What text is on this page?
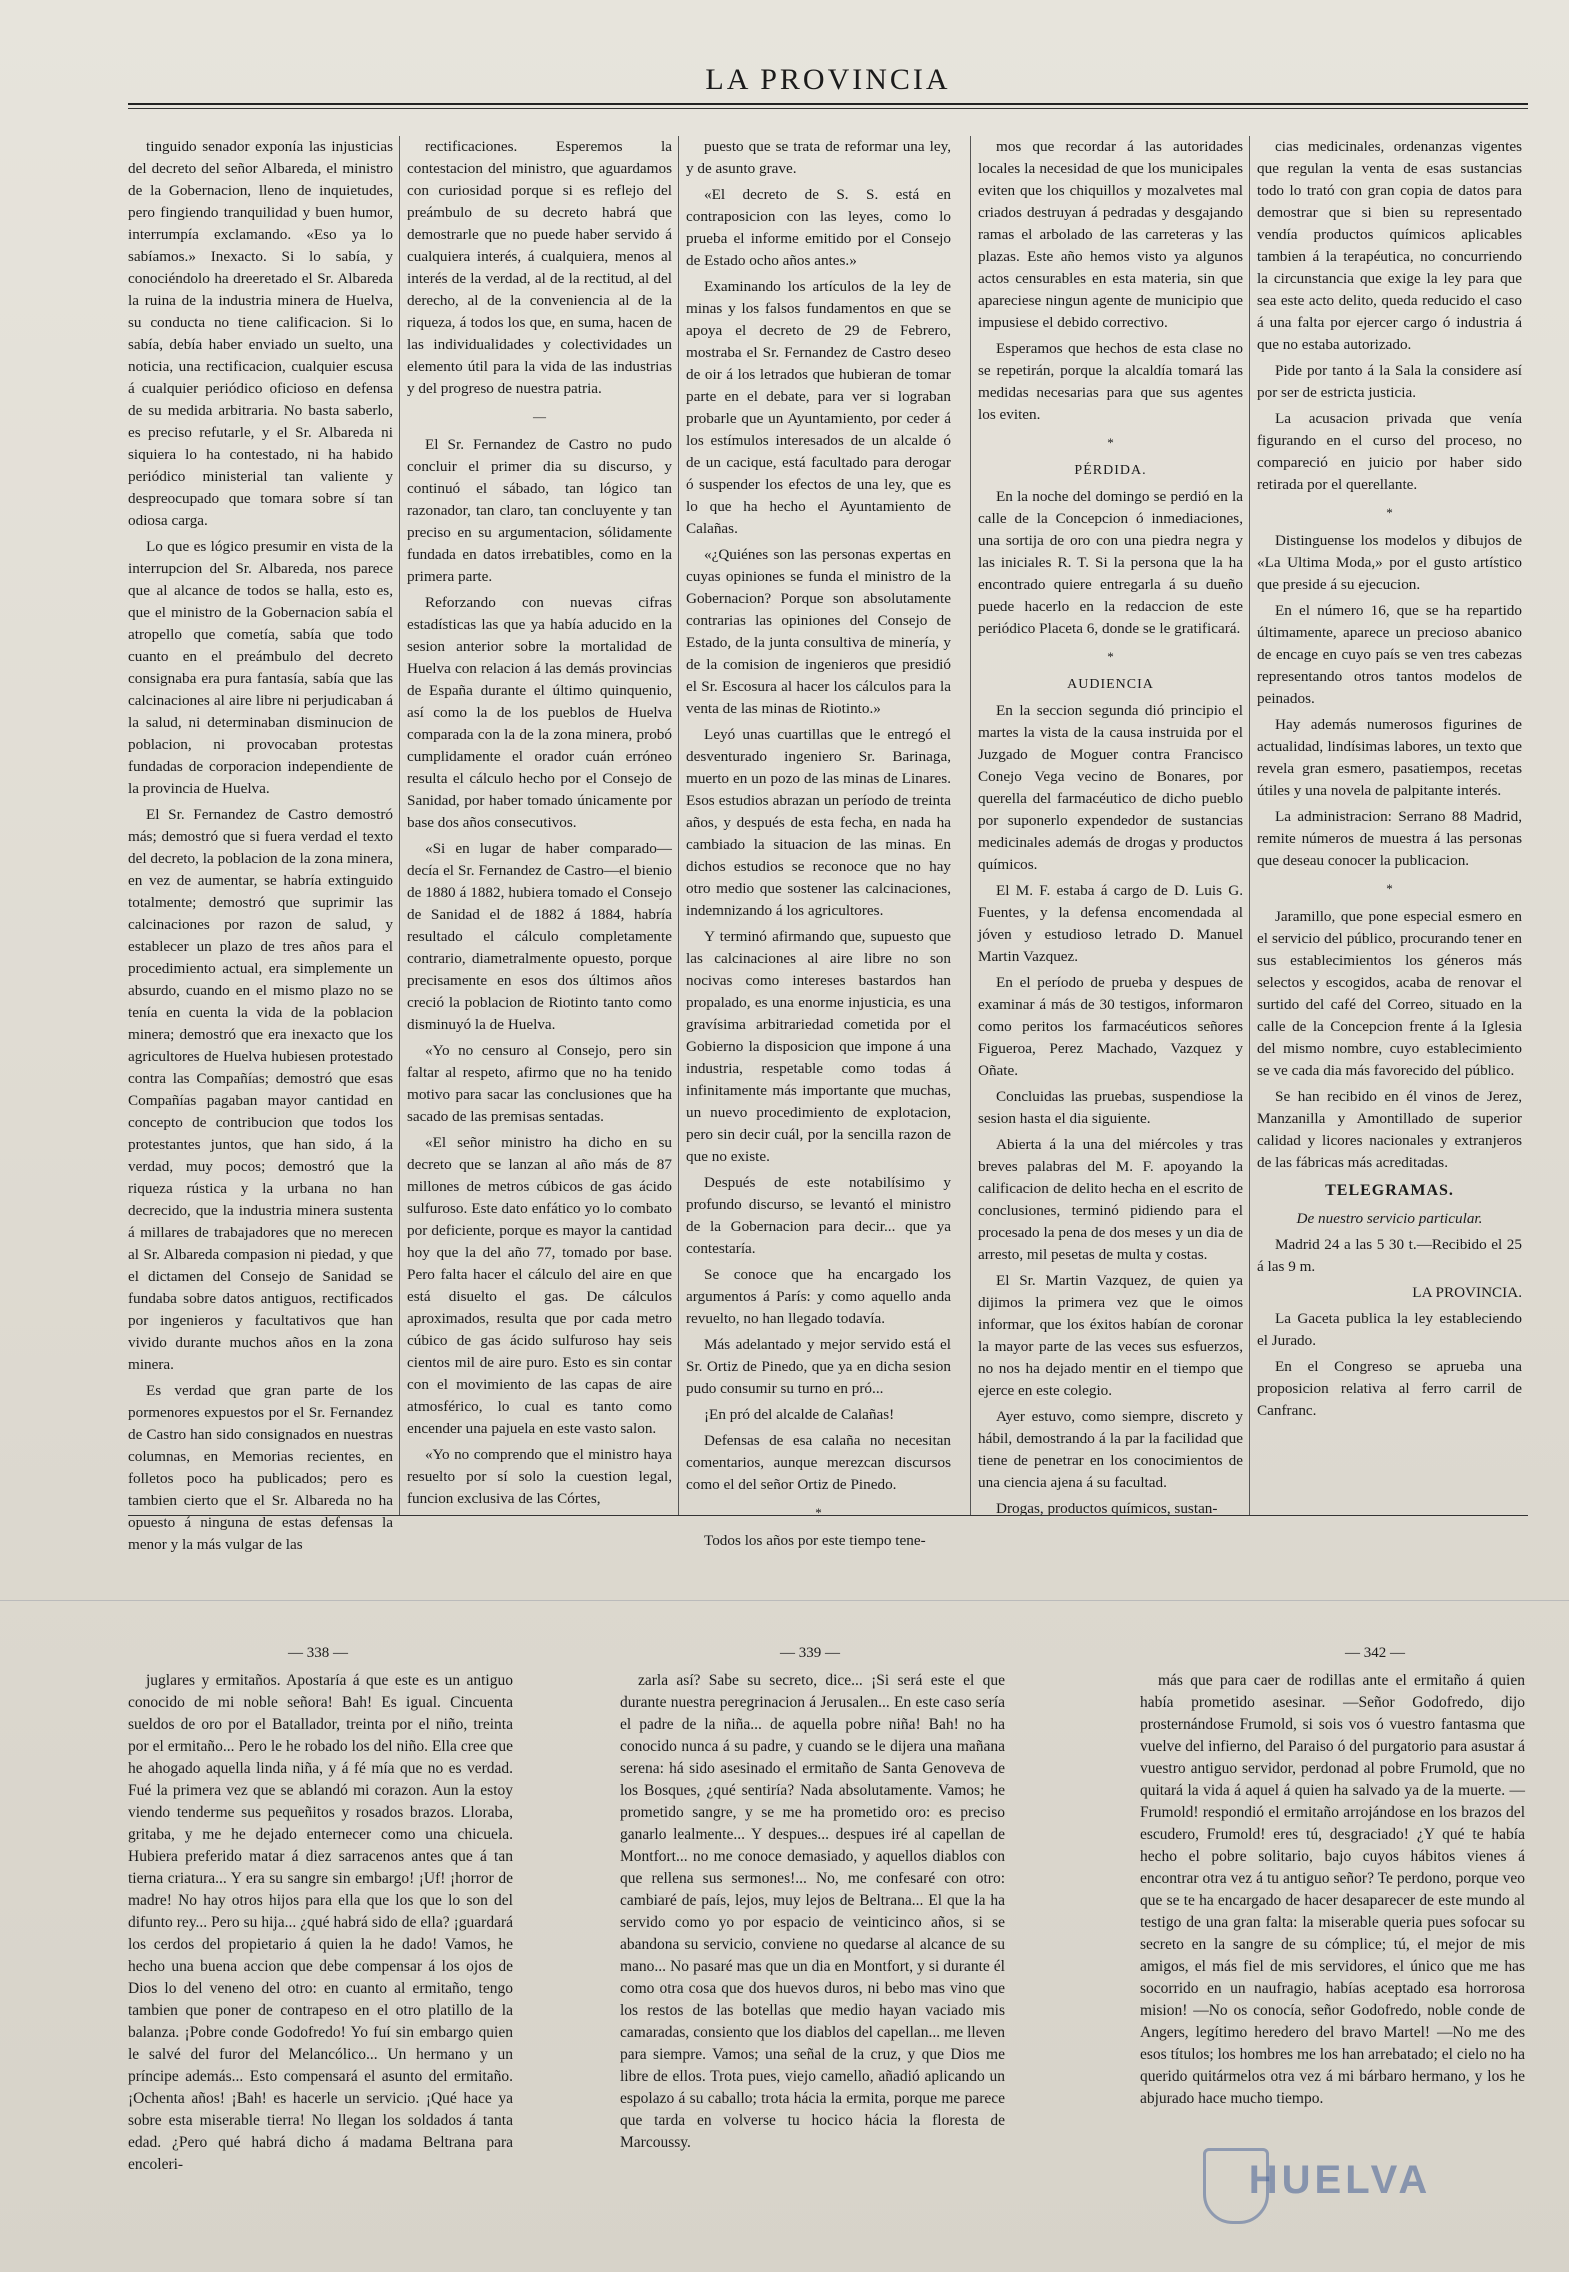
LA PROVINCIA

tinguido senador exponía las injusticias del decreto del señor Albareda, el ministro de la Gobernacion, lleno de inquietudes, pero fingiendo tranquilidad y buen humor, interrumpía exclamando. «Eso ya lo sabíamos.» Inexacto. Si lo sabía, y conociéndolo ha dreeretado el Sr. Albareda la ruina de la industria minera de Huelva, su conducta no tiene calificacion. Si lo sabía, debía haber enviado un suelto, una noticia, una rectificacion, cualquier escusa á cualquier periódico oficioso en defensa de su medida arbitraria. No basta saberlo, es preciso refutarle, y el Sr. Albareda ni siquiera lo ha contestado, ni ha habido periódico ministerial tan valiente y despreocupado que tomara sobre sí tan odiosa carga.

Lo que es lógico presumir en vista de la interrupcion del Sr. Albareda, nos parece que al alcance de todos se halla, esto es, que el ministro de la Gobernacion sabía el atropello que cometía, sabía que todo cuanto en el preámbulo del decreto consignaba era pura fantasía, sabía que las calcinaciones al aire libre ni perjudicaban á la salud, ni determinaban disminucion de poblacion, ni provocaban protestas fundadas de corporacion independiente de la provincia de Huelva.

El Sr. Fernandez de Castro demostró más; demostró que si fuera verdad el texto del decreto, la poblacion de la zona minera, en vez de aumentar, se habría extinguido totalmente; demostró que suprimir las calcinaciones por razon de salud, y establecer un plazo de tres años para el procedimiento actual, era simplemente un absurdo, cuando en el mismo plazo no se tenía en cuenta la vida de la poblacion minera; demostró que era inexacto que los agricultores de Huelva hubiesen protestado contra las Compañías; demostró que esas Compañías pagaban mayor cantidad en concepto de contribucion que todos los protestantes juntos, que han sido, á la verdad, muy pocos; demostró que la riqueza rústica y la urbana no han decrecido, que la industria minera sustenta á millares de trabajadores que no merecen al Sr. Albareda compasion ni piedad, y que el dictamen del Consejo de Sanidad se fundaba sobre datos antiguos, rectificados por ingenieros y facultativos que han vivido durante muchos años en la zona minera.

Es verdad que gran parte de los pormenores expuestos por el Sr. Fernandez de Castro han sido consignados en nuestras columnas, en Memorias recientes, en folletos poco ha publicados; pero es tambien cierto que el Sr. Albareda no ha opuesto á ninguna de estas defensas la menor y la más vulgar de las

rectificaciones. Esperemos la contestacion del ministro, que aguardamos con curiosidad porque si es reflejo del preámbulo de su decreto habrá que demostrarle que no puede haber servido á cualquiera interés, á cualquiera, menos al interés de la verdad, al de la rectitud, al del derecho, al de la conveniencia al de la riqueza, á todos los que, en suma, hacen de las individualidades y colectividades un elemento útil para la vida de las industrias y del progreso de nuestra patria.

—

El Sr. Fernandez de Castro no pudo concluir el primer dia su discurso, y continuó el sábado, tan lógico tan razonador, tan claro, tan concluyente y tan preciso en su argumentacion, sólidamente fundada en datos irrebatibles, como en la primera parte.

Reforzando con nuevas cifras estadísticas las que ya había aducido en la sesion anterior sobre la mortalidad de Huelva con relacion á las demás provincias de España durante el último quinquenio, así como la de los pueblos de Huelva comparada con la de la zona minera, probó cumplidamente el orador cuán erróneo resulta el cálculo hecho por el Consejo de Sanidad, por haber tomado únicamente por base dos años consecutivos.

«Si en lugar de haber comparado—decía el Sr. Fernandez de Castro—el bienio de 1880 á 1882, hubiera tomado el Consejo de Sanidad el de 1882 á 1884, habría resultado el cálculo completamente contrario, diametralmente opuesto, porque precisamente en esos dos últimos años creció la poblacion de Riotinto tanto como disminuyó la de Huelva.

«Yo no censuro al Consejo, pero sin faltar al respeto, afirmo que no ha tenido motivo para sacar las conclusiones que ha sacado de las premisas sentadas.

«El señor ministro ha dicho en su decreto que se lanzan al año más de 87 millones de metros cúbicos de gas ácido sulfuroso. Este dato enfático yo lo combato por deficiente, porque es mayor la cantidad hoy que la del año 77, tomado por base. Pero falta hacer el cálculo del aire en que está disuelto el gas. De cálculos aproximados, resulta que por cada metro cúbico de gas ácido sulfuroso hay seis cientos mil de aire puro. Esto es sin contar con el movimiento de las capas de aire atmosférico, lo cual es tanto como encender una pajuela en este vasto salon.

«Yo no comprendo que el ministro haya resuelto por sí solo la cuestion legal, funcion exclusiva de las Córtes,

puesto que se trata de reformar una ley, y de asunto grave.

«El decreto de S. S. está en contraposicion con las leyes, como lo prueba el informe emitido por el Consejo de Estado ocho años antes.»

Examinando los artículos de la ley de minas y los falsos fundamentos en que se apoya el decreto de 29 de Febrero, mostraba el Sr. Fernandez de Castro deseo de oir á los letrados que hubieran de tomar parte en el debate, para ver si lograban probarle que un Ayuntamiento, por ceder á los estímulos interesados de un alcalde ó de un cacique, está facultado para derogar ó suspender los efectos de una ley, que es lo que ha hecho el Ayuntamiento de Calañas.

«¿Quiénes son las personas expertas en cuyas opiniones se funda el ministro de la Gobernacion? Porque son absolutamente contrarias las opiniones del Consejo de Estado, de la junta consultiva de minería, y de la comision de ingenieros que presidió el Sr. Escosura al hacer los cálculos para la venta de las minas de Riotinto.»

Leyó unas cuartillas que le entregó el desventurado ingeniero Sr. Barinaga, muerto en un pozo de las minas de Linares. Esos estudios abrazan un período de treinta años, y después de esta fecha, en nada ha cambiado la situacion de las minas. En dichos estudios se reconoce que no hay otro medio que sostener las calcinaciones, indemnizando á los agricultores.

Y terminó afirmando que, supuesto que las calcinaciones al aire libre no son nocivas como intereses bastardos han propalado, es una enorme injusticia, es una gravísima arbitrariedad cometida por el Gobierno la disposicion que impone á una industria, respetable como todas á infinitamente más importante que muchas, un nuevo procedimiento de explotacion, pero sin decir cuál, por la sencilla razon de que no existe.

Después de este notabilísimo y profundo discurso, se levantó el ministro de la Gobernacion para decir... que ya contestaría.

Se conoce que ha encargado los argumentos á París: y como aquello anda revuelto, no han llegado todavía.

Más adelantado y mejor servido está el Sr. Ortiz de Pinedo, que ya en dicha sesion pudo consumir su turno en pró...

¡En pró del alcalde de Calañas!

Defensas de esa calaña no necesitan comentarios, aunque merezcan discursos como el del señor Ortiz de Pinedo.

*

Todos los años por este tiempo tene-

mos que recordar á las autoridades locales la necesidad de que los municipales eviten que los chiquillos y mozalvetes mal criados destruyan á pedradas y desgajando ramas el arbolado de las carreteras y las plazas. Este año hemos visto ya algunos actos censurables en esta materia, sin que apareciese ningun agente de municipio que impusiese el debido correctivo.

Esperamos que hechos de esta clase no se repetirán, porque la alcaldía tomará las medidas necesarias para que sus agentes los eviten.

*
PÉRDIDA.

En la noche del domingo se perdió en la calle de la Concepcion ó inmediaciones, una sortija de oro con una piedra negra y las iniciales R. T. Si la persona que la ha encontrado quiere entregarla á su dueño puede hacerlo en la redaccion de este periódico Placeta 6, donde se le gratificará.

*
AUDIENCIA

En la seccion segunda dió principio el martes la vista de la causa instruida por el Juzgado de Moguer contra Francisco Conejo Vega vecino de Bonares, por querella del farmacéutico de dicho pueblo por suponerlo expendedor de sustancias medicinales además de drogas y productos químicos.

El M. F. estaba á cargo de D. Luis G. Fuentes, y la defensa encomendada al jóven y estudioso letrado D. Manuel Martin Vazquez.

En el período de prueba y despues de examinar á más de 30 testigos, informaron como peritos los farmacéuticos señores Figueroa, Perez Machado, Vazquez y Oñate.

Concluidas las pruebas, suspendiose la sesion hasta el dia siguiente.

Abierta á la una del miércoles y tras breves palabras del M. F. apoyando la calificacion de delito hecha en el escrito de conclusiones, terminó pidiendo para el procesado la pena de dos meses y un dia de arresto, mil pesetas de multa y costas.

El Sr. Martin Vazquez, de quien ya dijimos la primera vez que le oimos informar, que los éxitos habían de coronar la mayor parte de las veces sus esfuerzos, no nos ha dejado mentir en el tiempo que ejerce en este colegio.

Ayer estuvo, como siempre, discreto y hábil, demostrando á la par la facilidad que tiene de penetrar en los conocimientos de una ciencia ajena á su facultad.

Drogas, productos químicos, sustan-

cias medicinales, ordenanzas vigentes que regulan la venta de esas sustancias todo lo trató con gran copia de datos para demostrar que si bien su representado vendía productos químicos aplicables tambien á la terapéutica, no concurriendo la circunstancia que exige la ley para que sea este acto delito, queda reducido el caso á una falta por ejercer cargo ó industria á que no estaba autorizado.

Pide por tanto á la Sala la considere así por ser de estricta justicia.

La acusacion privada que venía figurando en el curso del proceso, no compareció en juicio por haber sido retirada por el querellante.

*

Distinguense los modelos y dibujos de «La Ultima Moda,» por el gusto artístico que preside á su ejecucion.

En el número 16, que se ha repartido últimamente, aparece un precioso abanico de encage en cuyo país se ven tres cabezas representando otros tantos modelos de peinados.

Hay además numerosos figurines de actualidad, lindísimas labores, un texto que revela gran esmero, pasatiempos, recetas útiles y una novela de palpitante interés.

La administracion: Serrano 88 Madrid, remite números de muestra á las personas que deseau conocer la publicacion.

*

Jaramillo, que pone especial esmero en el servicio del público, procurando tener en sus establecimientos los géneros más selectos y escogidos, acaba de renovar el surtido del café del Correo, situado en la calle de la Concepcion frente á la Iglesia del mismo nombre, cuyo establecimiento se ve cada dia más favorecido del público.

Se han recibido en él vinos de Jerez, Manzanilla y Amontillado de superior calidad y licores nacionales y extranjeros de las fábricas más acreditadas.

TELEGRAMAS.

De nuestro servicio particular.

Madrid 24 a las 5 30 t.—Recibido el 25 á las 9 m.

LA PROVINCIA.

La Gaceta publica la ley estableciendo el Jurado.

En el Congreso se aprueba una proposicion relativa al ferro carril de Canfranc.

— 338 —	— 339 —	— 342 —

juglares y ermitaños. Apostaría á que este es un antiguo conocido de mi noble señora! Bah! Es igual. Cincuenta sueldos de oro por el Batallador, treinta por el niño, treinta por el ermitaño... Pero le he robado los del niño. Ella cree que he ahogado aquella linda niña, y á fé mía que no es verdad. Fué la primera vez que se ablandó mi corazon. Aun la estoy viendo tenderme sus pequeñitos y rosados brazos. Lloraba, gritaba, y me he dejado enternecer como una chicuela. Hubiera preferido matar á diez sarracenos antes que á tan tierna criatura... Y era su sangre sin embargo! ¡Uf! ¡horror de madre! No hay otros hijos para ella que los que lo son del difunto rey... Pero su hija... ¿qué habrá sido de ella? ¡guardará los cerdos del propietario á quien la he dado! Vamos, he hecho una buena accion que debe compensar á los ojos de Dios lo del veneno del otro: en cuanto al ermitaño, tengo tambien que poner de contrapeso en el otro platillo de la balanza. ¡Pobre conde Godofredo! Yo fuí sin embargo quien le salvé del furor del Melancólico... Un hermano y un príncipe además... Esto compensará el asunto del ermitaño. ¡Ochenta años! ¡Bah! es hacerle un servicio. ¡Qué hace ya sobre esta miserable tierra! No llegan los soldados á tanta edad. ¿Pero qué habrá dicho á madama Beltrana para encoleri-

zarla así? Sabe su secreto, dice... ¡Si será este el que durante nuestra peregrinacion á Jerusalen... En este caso sería el padre de la niña... de aquella pobre niña! Bah! no ha conocido nunca á su padre, y cuando se le dijera una mañana serena: há sido asesinado el ermitaño de Santa Genoveva de los Bosques, ¿qué sentiría? Nada absolutamente. Vamos; he prometido sangre, y se me ha prometido oro: es preciso ganarlo lealmente... Y despues... despues iré al capellan de Montfort... no me conoce demasiado, y aquellos diablos con que rellena sus sermones!... No, me confesaré con otro: cambiaré de país, lejos, muy lejos de Beltrana... El que la ha servido como yo por espacio de veinticinco años, si se abandona su servicio, conviene no quedarse al alcance de su mano... No pasaré mas que un dia en Montfort, y si durante él como otra cosa que dos huevos duros, ni bebo mas vino que los restos de las botellas que medio hayan vaciado mis camaradas, consiento que los diablos del capellan... me lleven para siempre. Vamos; una señal de la cruz, y que Dios me libre de ellos. Trota pues, viejo camello, añadió aplicando un espolazo á su caballo; trota hácia la ermita, porque me parece que tarda en volverse tu hocico hácia la floresta de Marcoussy.

más que para caer de rodillas ante el ermitaño á quien había prometido asesinar. —Señor Godofredo, dijo prosternándose Frumold, si sois vos ó vuestro fantasma que vuelve del infierno, del Paraiso ó del purgatorio para asustar á vuestro antiguo servidor, perdonad al pobre Frumold, que no quitará la vida á aquel á quien ha salvado ya de la muerte. —Frumold! respondió el ermitaño arrojándose en los brazos del escudero, Frumold! eres tú, desgraciado! ¿Y qué te había hecho el pobre solitario, bajo cuyos hábitos vienes á encontrar otra vez á tu antiguo señor? Te perdono, porque veo que se te ha encargado de hacer desaparecer de este mundo al testigo de una gran falta: la miserable queria pues sofocar su secreto en la sangre de su cómplice; tú, el mejor de mis amigos, el más fiel de mis servidores, el único que me has socorrido en un naufragio, habías aceptado esa horrorosa mision! —No os conocía, señor Godofredo, noble conde de Angers, legítimo heredero del bravo Martel! —No me des esos títulos; los hombres me los han arrebatado; el cielo no ha querido quitármelos otra vez á mi bárbaro hermano, y los he abjurado hace mucho tiempo.

HUELVA
